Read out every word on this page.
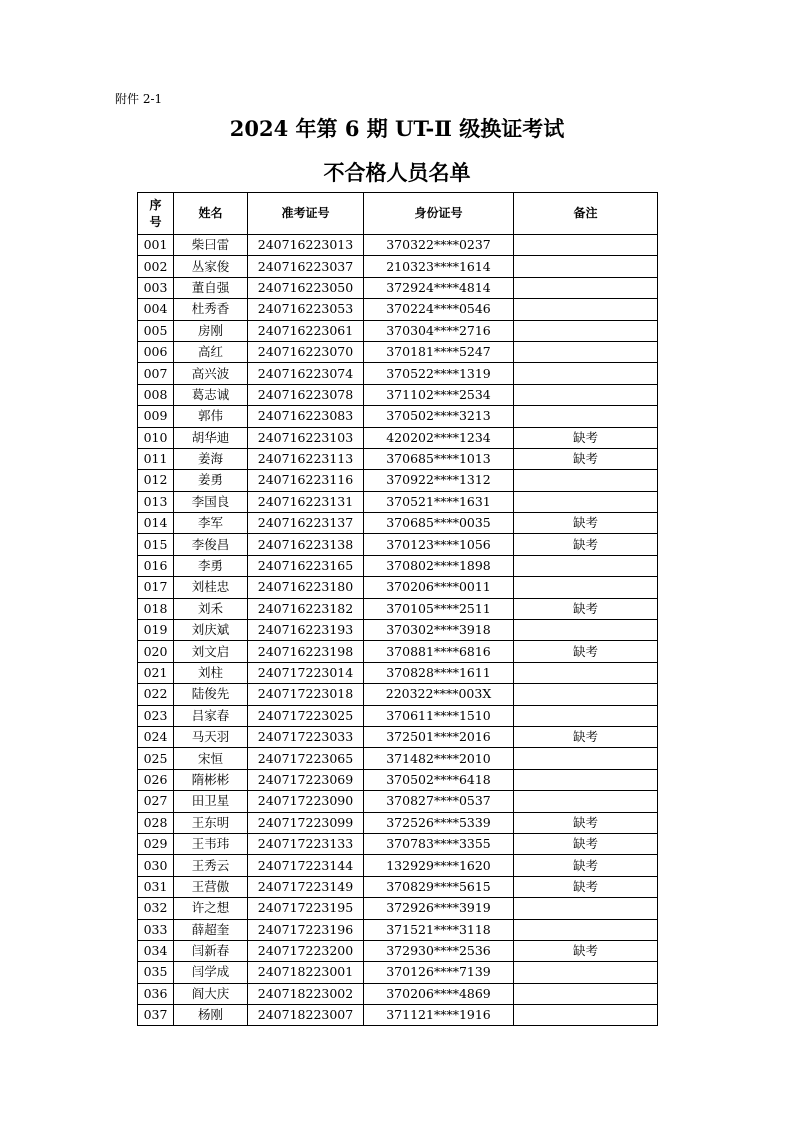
附件 2-1
2024 年第 6 期 UT-Ⅱ 级换证考试
不合格人员名单
序号	姓名	准考证号	身份证号	备注
001	柴曰雷	240716223013	370322****0237	
002	丛家俊	240716223037	210323****1614	
003	董自强	240716223050	372924****4814	
004	杜秀香	240716223053	370224****0546	
005	房刚	240716223061	370304****2716	
006	高红	240716223070	370181****5247	
007	高兴波	240716223074	370522****1319	
008	葛志诚	240716223078	371102****2534	
009	郭伟	240716223083	370502****3213	
010	胡华迪	240716223103	420202****1234	缺考
011	姜海	240716223113	370685****1013	缺考
012	姜勇	240716223116	370922****1312	
013	李国良	240716223131	370521****1631	
014	李军	240716223137	370685****0035	缺考
015	李俊昌	240716223138	370123****1056	缺考
016	李勇	240716223165	370802****1898	
017	刘桂忠	240716223180	370206****0011	
018	刘禾	240716223182	370105****2511	缺考
019	刘庆斌	240716223193	370302****3918	
020	刘文启	240716223198	370881****6816	缺考
021	刘柱	240717223014	370828****1611	
022	陆俊先	240717223018	220322****003X	
023	吕家春	240717223025	370611****1510	
024	马天羽	240717223033	372501****2016	缺考
025	宋恒	240717223065	371482****2010	
026	隋彬彬	240717223069	370502****6418	
027	田卫星	240717223090	370827****0537	
028	王东明	240717223099	372526****5339	缺考
029	王韦玮	240717223133	370783****3355	缺考
030	王秀云	240717223144	132929****1620	缺考
031	王营傲	240717223149	370829****5615	缺考
032	许之想	240717223195	372926****3919	
033	薛超奎	240717223196	371521****3118	
034	闫新春	240717223200	372930****2536	缺考
035	闫学成	240718223001	370126****7139	
036	阎大庆	240718223002	370206****4869	
037	杨刚	240718223007	371121****1916	
